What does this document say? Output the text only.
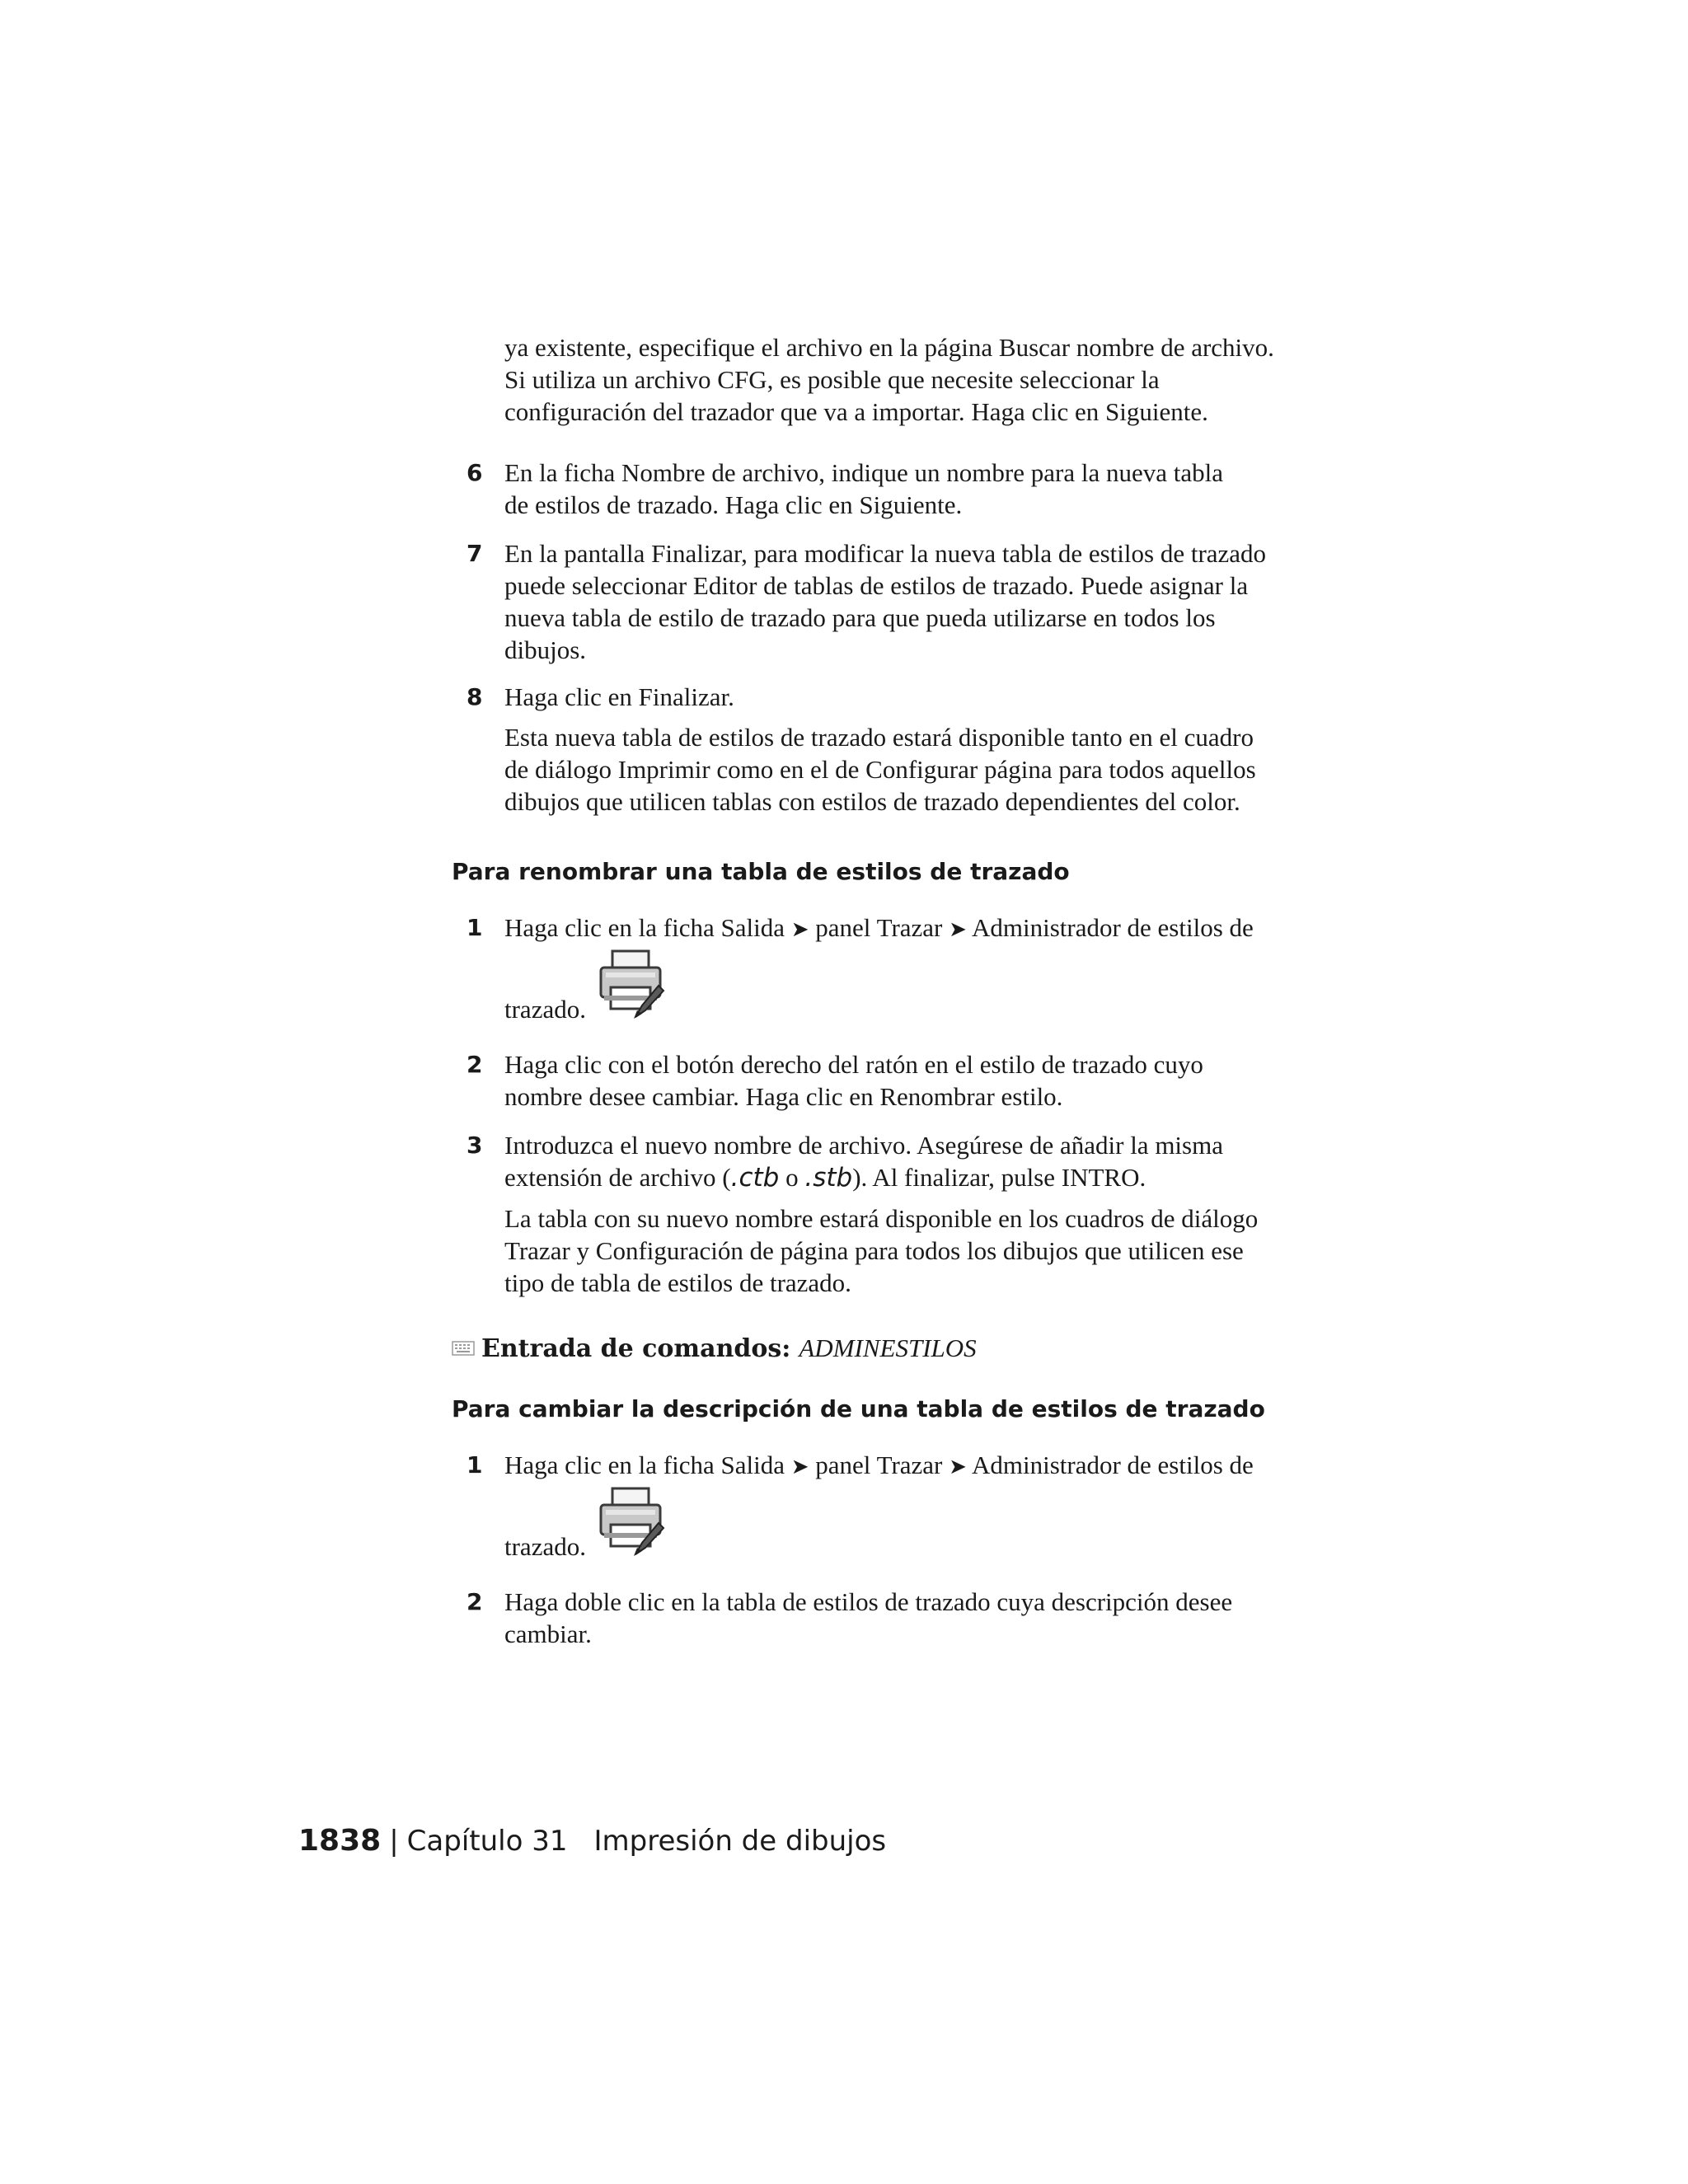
ya existente, especifique el archivo en la página Buscar nombre de archivo.

Si utiliza un archivo CFG, es posible que necesite seleccionar la

configuración del trazador que va a importar. Haga clic en Siguiente.

6 En la ficha Nombre de archivo, indique un nombre para la nueva tabla

de estilos de trazado. Haga clic en Siguiente.

7 En la pantalla Finalizar, para modificar la nueva tabla de estilos de trazado

puede seleccionar Editor de tablas de estilos de trazado. Puede asignar la

nueva tabla de estilo de trazado para que pueda utilizarse en todos los

dibujos.

8 Haga clic en Finalizar.

Esta nueva tabla de estilos de trazado estará disponible tanto en el cuadro

de diálogo Imprimir como en el de Configurar página para todos aquellos

dibujos que utilicen tablas con estilos de trazado dependientes del color.

Para renombrar una tabla de estilos de trazado
1 Haga clic en la ficha Salida ➤ panel Trazar ➤ Administrador de estilos de

trazado.
2 Haga clic con el botón derecho del ratón en el estilo de trazado cuyo

nombre desee cambiar. Haga clic en Renombrar estilo.

3 Introduzca el nuevo nombre de archivo. Asegúrese de añadir la misma

extensión de archivo (.ctb o .stb). Al finalizar, pulse INTRO.

La tabla con su nuevo nombre estará disponible en los cuadros de diálogo

Trazar y Configuración de página para todos los dibujos que utilicen ese

tipo de tabla de estilos de trazado.

Entrada de comandos: ADMINESTILOS
Para cambiar la descripción de una tabla de estilos de trazado
1 Haga clic en la ficha Salida ➤ panel Trazar ➤ Administrador de estilos de

trazado.
2 Haga doble clic en la tabla de estilos de trazado cuya descripción desee

cambiar.

1838 | Capítulo 31 Impresión de dibujos
